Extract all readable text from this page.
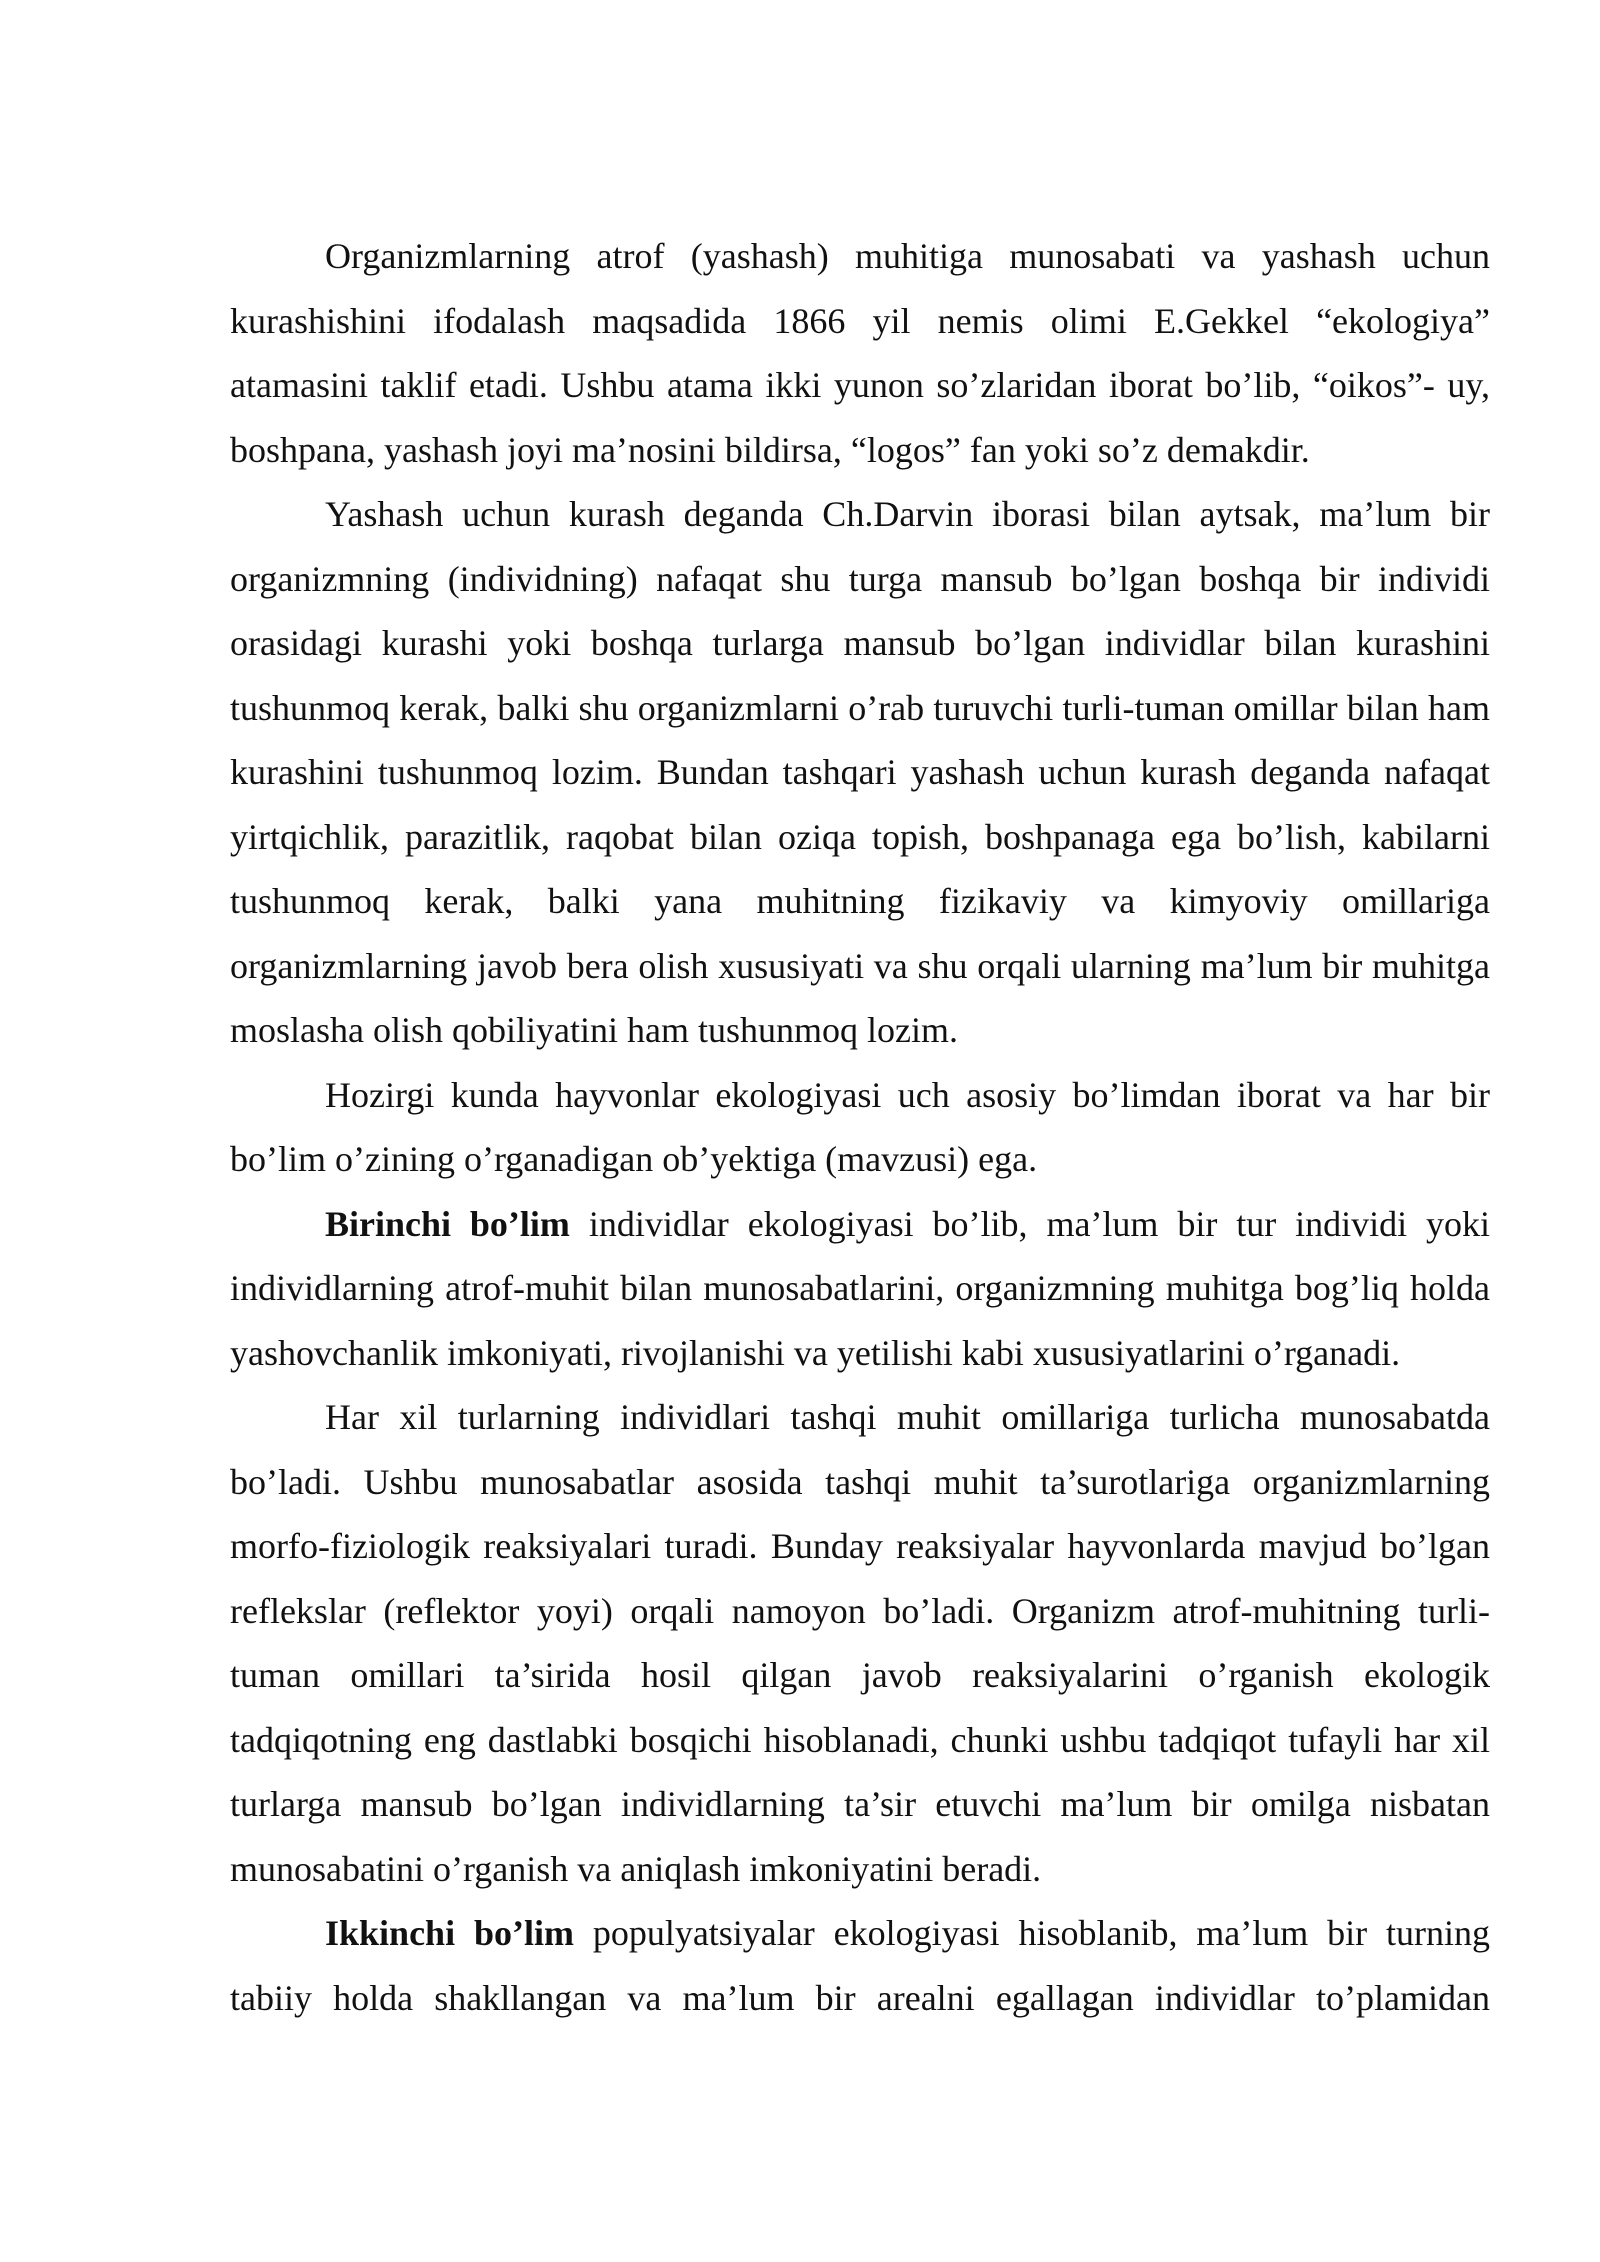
Organizmlarning atrof (yashash) muhitiga munosabati va yashash uchun kurashishini ifodalash maqsadida 1866 yil nemis olimi E.Gekkel “ekologiya” atamasini taklif etadi. Ushbu atama ikki yunon so’zlaridan iborat bo’lib, “oikos”- uy, boshpana, yashash joyi ma’nosini bildirsa, “logos” fan yoki so’z demakdir.

Yashash uchun kurash deganda Ch.Darvin iborasi bilan aytsak, ma’lum bir organizmning (individning) nafaqat shu turga mansub bo’lgan boshqa bir individi orasidagi kurashi yoki boshqa turlarga mansub bo’lgan individlar bilan kurashini tushunmoq kerak, balki shu organizmlarni o’rab turuvchi turli-tuman omillar bilan ham kurashini tushunmoq lozim. Bundan tashqari yashash uchun kurash deganda nafaqat yirtqichlik, parazitlik, raqobat bilan oziqa topish, boshpanaga ega bo’lish, kabilarni tushunmoq kerak, balki yana muhitning fizikaviy va kimyoviy omillariga organizmlarning javob bera olish xususiyati va shu orqali ularning ma’lum bir muhitga moslasha olish qobiliyatini ham tushunmoq lozim.

Hozirgi kunda hayvonlar ekologiyasi uch asosiy bo’limdan iborat va har bir bo’lim o’zining o’rganadigan ob’yektiga (mavzusi) ega.

Birinchi bo’lim individlar ekologiyasi bo’lib, ma’lum bir tur individi yoki individlarning atrof-muhit bilan munosabatlarini, organizmning muhitga bog’liq holda yashovchanlik imkoniyati, rivojlanishi va yetilishi kabi xususiyatlarini o’rganadi.

Har xil turlarning individlari tashqi muhit omillariga turlicha munosabatda bo’ladi. Ushbu munosabatlar asosida tashqi muhit ta’surotlariga organizmlarning morfo-fiziologik reaksiyalari turadi. Bunday reaksiyalar hayvonlarda mavjud bo’lgan reflekslar (reflektor yoyi) orqali namoyon bo’ladi. Organizm atrof-muhitning turli-tuman omillari ta’sirida hosil qilgan javob reaksiyalarini o’rganish ekologik tadqiqotning eng dastlabki bosqichi hisoblanadi, chunki ushbu tadqiqot tufayli har xil turlarga mansub bo’lgan individlarning ta’sir etuvchi ma’lum bir omilga nisbatan munosabatini o’rganish va aniqlash imkoniyatini beradi.

Ikkinchi bo’lim populyatsiyalar ekologiyasi hisoblanib, ma’lum bir turning tabiiy holda shakllangan va ma’lum bir arealni egallagan individlar to’plamidan
